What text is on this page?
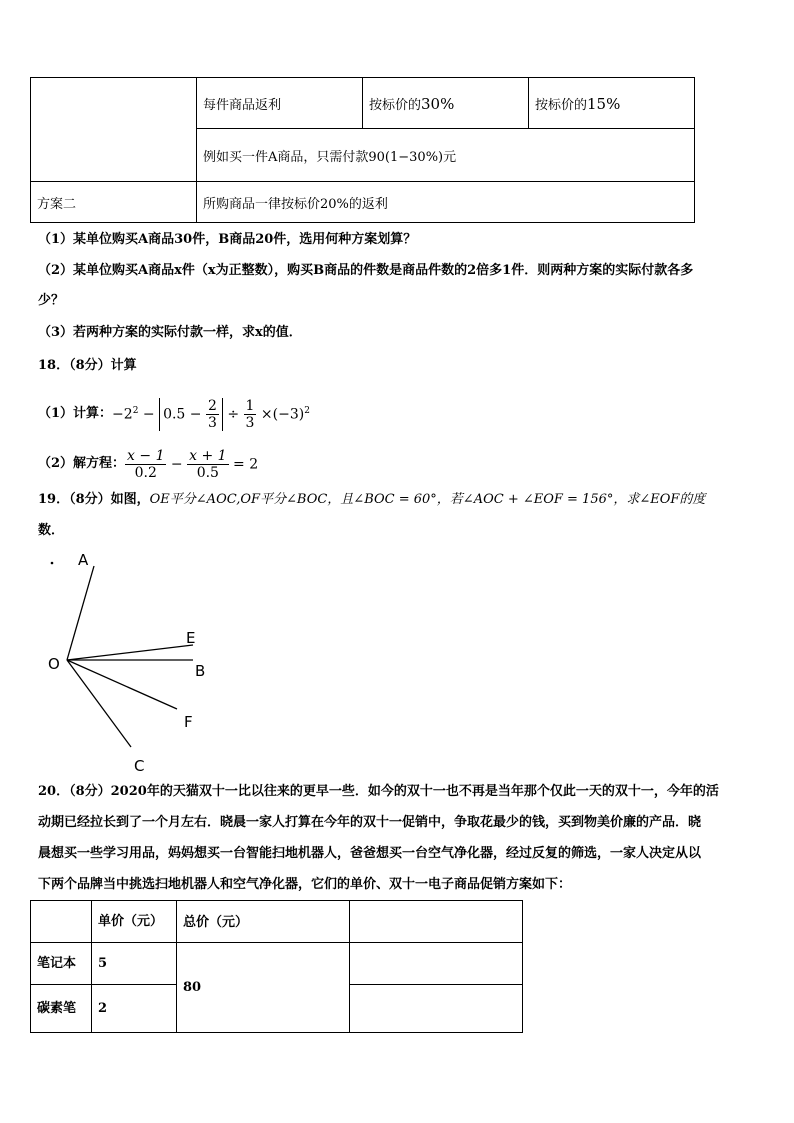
	每件商品返利	按标价的30%	按标价的15%
	例如买一件A商品，只需付款90(1−30%)元		
方案二	所购商品一律按标价20%的返利		
（1）某单位购买A商品30件，B商品20件，选用何种方案划算？
（2）某单位购买A商品x件（x为正整数），购买B商品的件数是商品件数的2倍多1件．则两种方案的实际付款各多
少？
（3）若两种方案的实际付款一样，求x的值．
18．（8分）计算
（1）计算： $-2^2 - 0.5 - \frac{2}{3} \div \frac{1}{3} \times(-3)^2$
（2）解方程： $\frac{x - 1}{0.2} - \frac{x + 1}{0.5} = 2$
19．（8分）如图，OE平分∠AOC,OF平分∠BOC，且∠BOC = 60°，若∠AOC + ∠EOF = 156°，求∠EOF的度
数．
A
E
O	B
F
C
20．（8分）2020年的天猫双十一比以往来的更早一些．如今的双十一也不再是当年那个仅此一天的双十一，今年的活
动期已经拉长到了一个月左右．晓晨一家人打算在今年的双十一促销中，争取花最少的钱，买到物美价廉的产品．晓
晨想买一些学习用品，妈妈想买一台智能扫地机器人，爸爸想买一台空气净化器，经过反复的筛选，一家人决定从以
下两个品牌当中挑选扫地机器人和空气净化器，它们的单价、双十一电子商品促销方案如下：
	单价（元）	总价（元）	
笔记本	5	80	
碳素笔	2		
